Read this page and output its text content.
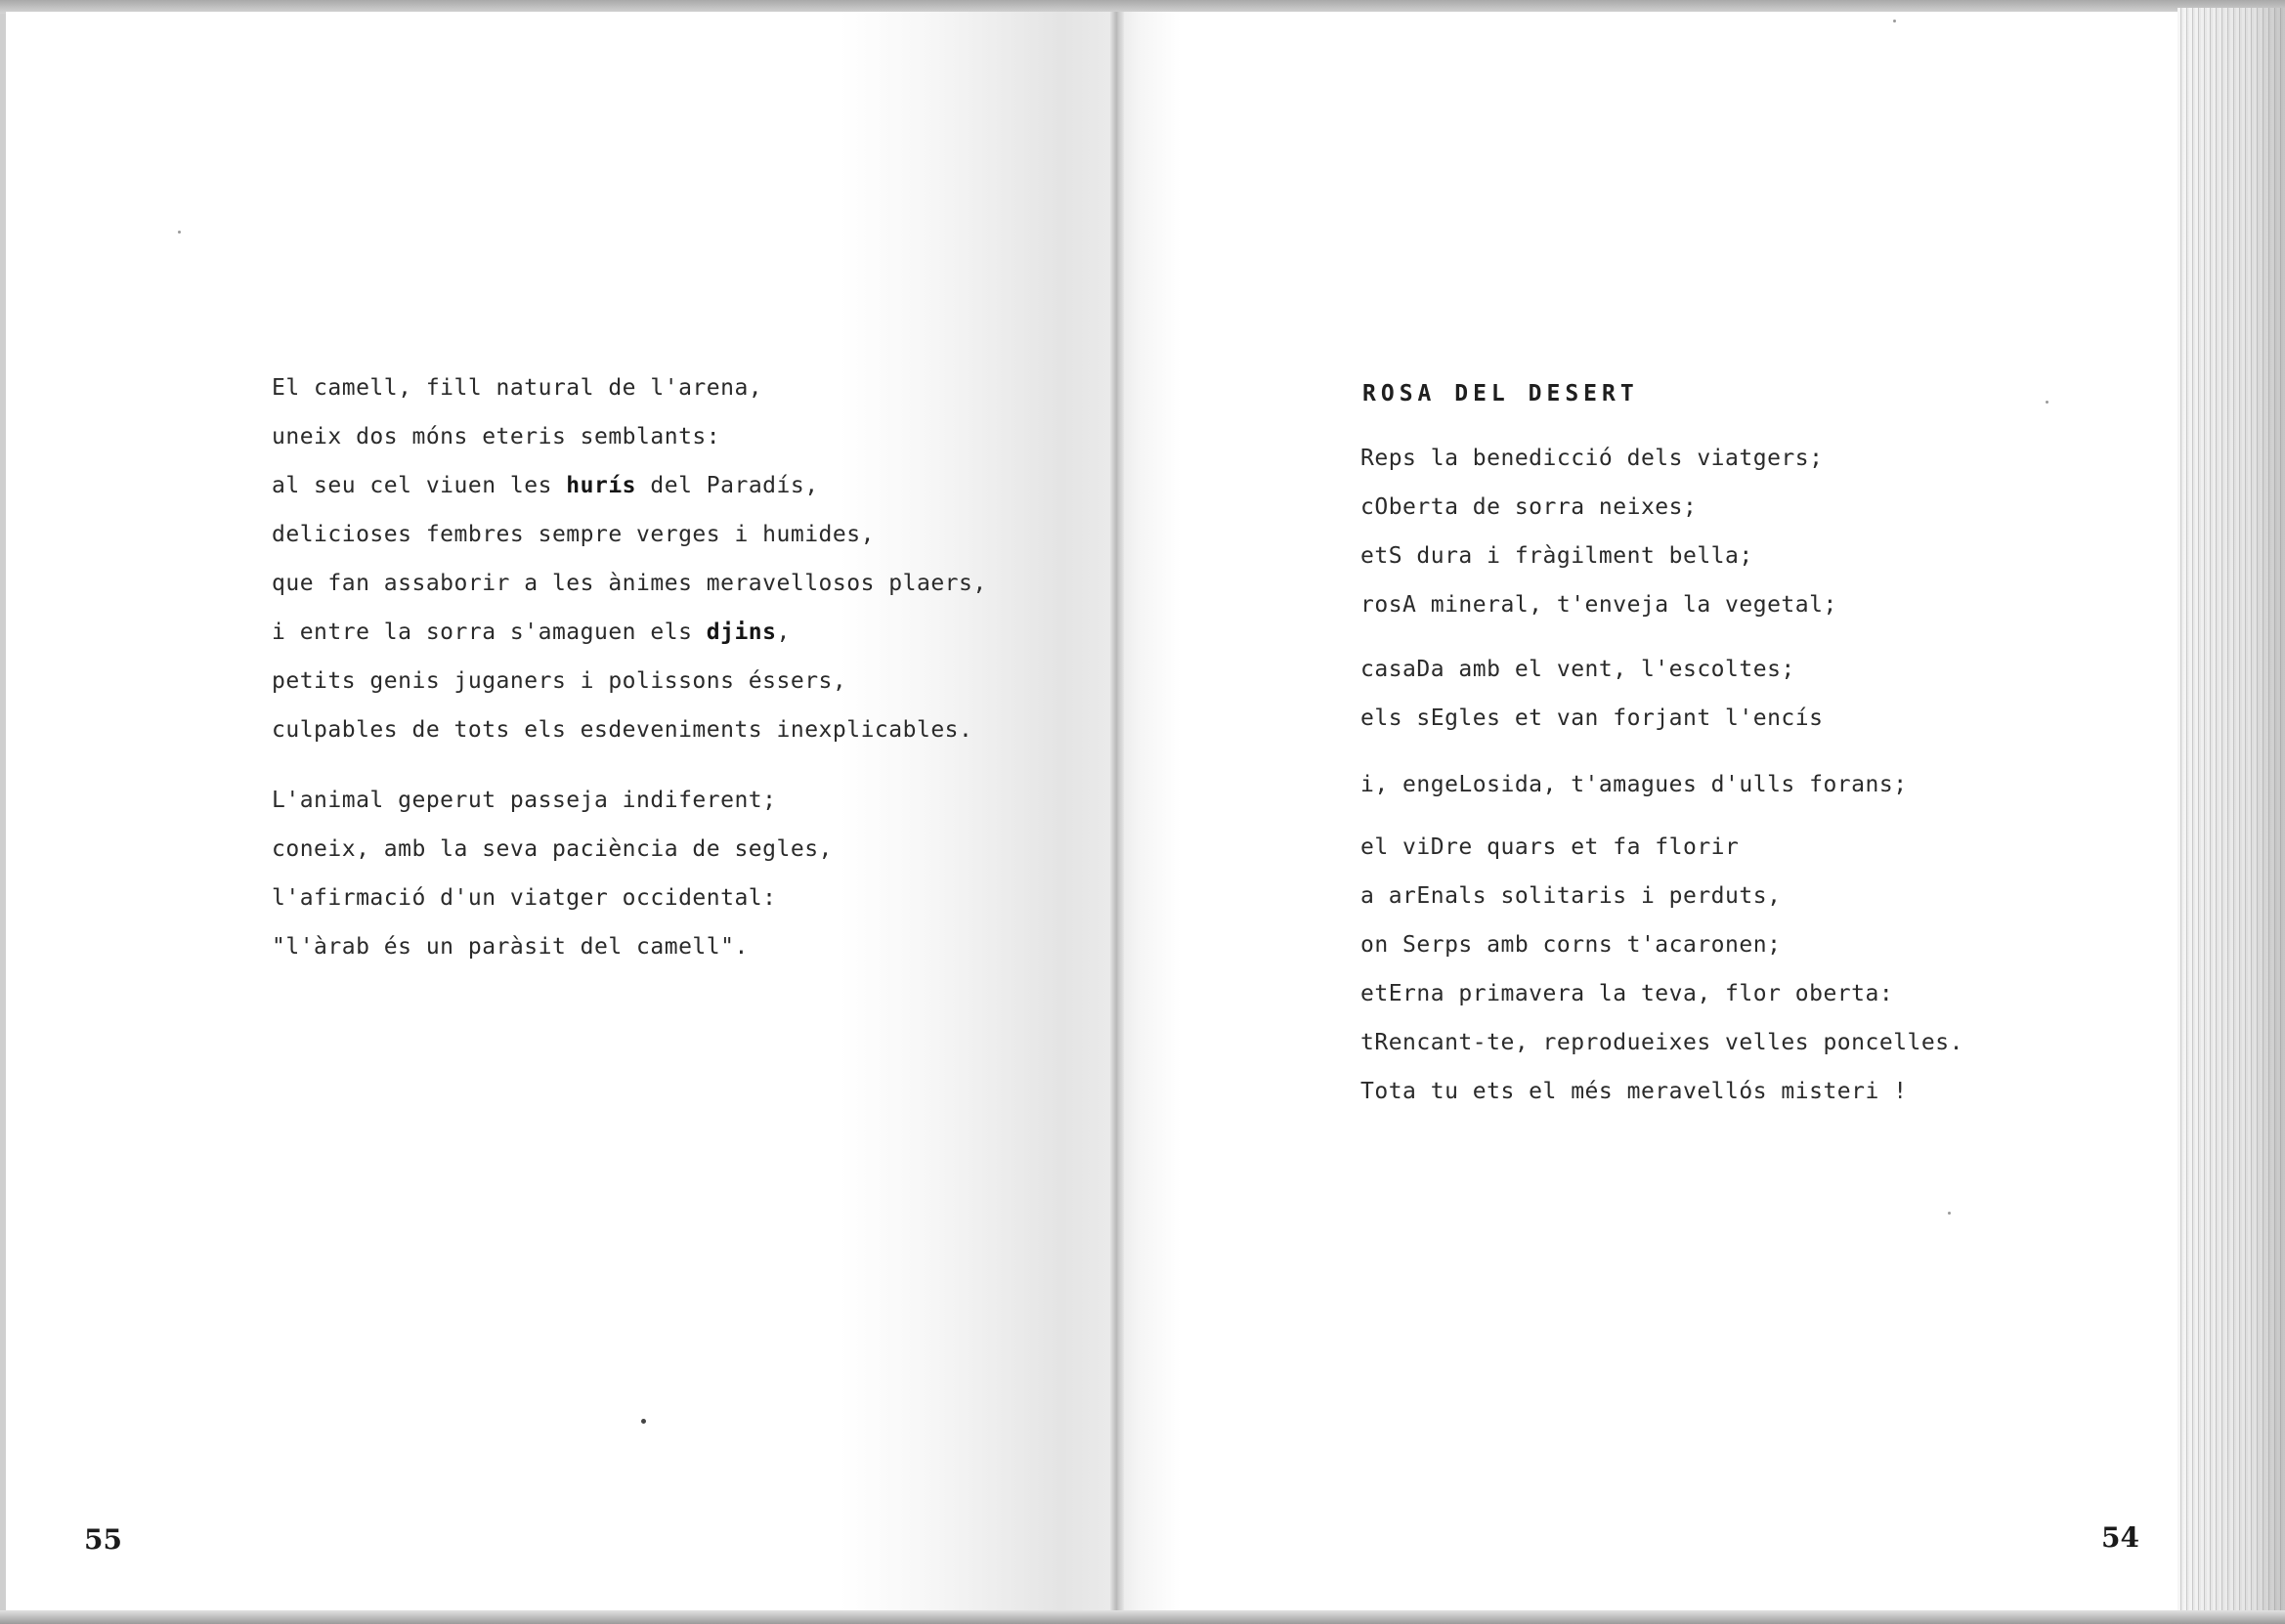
El camell, fill natural de l'arena,

uneix dos móns eteris semblants:

al seu cel viuen les hurís del Paradís,

delicioses fembres sempre verges i humides,

que fan assaborir a les ànimes meravellosos plaers,

i entre la sorra s'amaguen els djins,

petits genis juganers i polissons éssers,

culpables de tots els esdeveniments inexplicables.

L'animal geperut passeja indiferent;

coneix, amb la seva paciència de segles,

l'afirmació d'un viatger occidental:

"l'àrab és un paràsit del camell".

ROSA DEL DESERT

Reps la benedicció dels viatgers;
cObertа de sorra neixes;
etS dura i fràgilment bella;
rosA mineral, t'enveja la vegetal;
casaDa amb el vent, l'escoltes;
els sEgles et van forjant l'encís
i, engeLosida, t'amagues d'ulls forans;
el viDre quars et fa florir
a arEnals solitaris i perduts,
on Serps amb corns t'acaronen;
etErna primavera la teva, flor oberta:
tRencant-te, reprodueixes velles poncelles.
Tota tu ets el més meravellós misteri !
55	54
